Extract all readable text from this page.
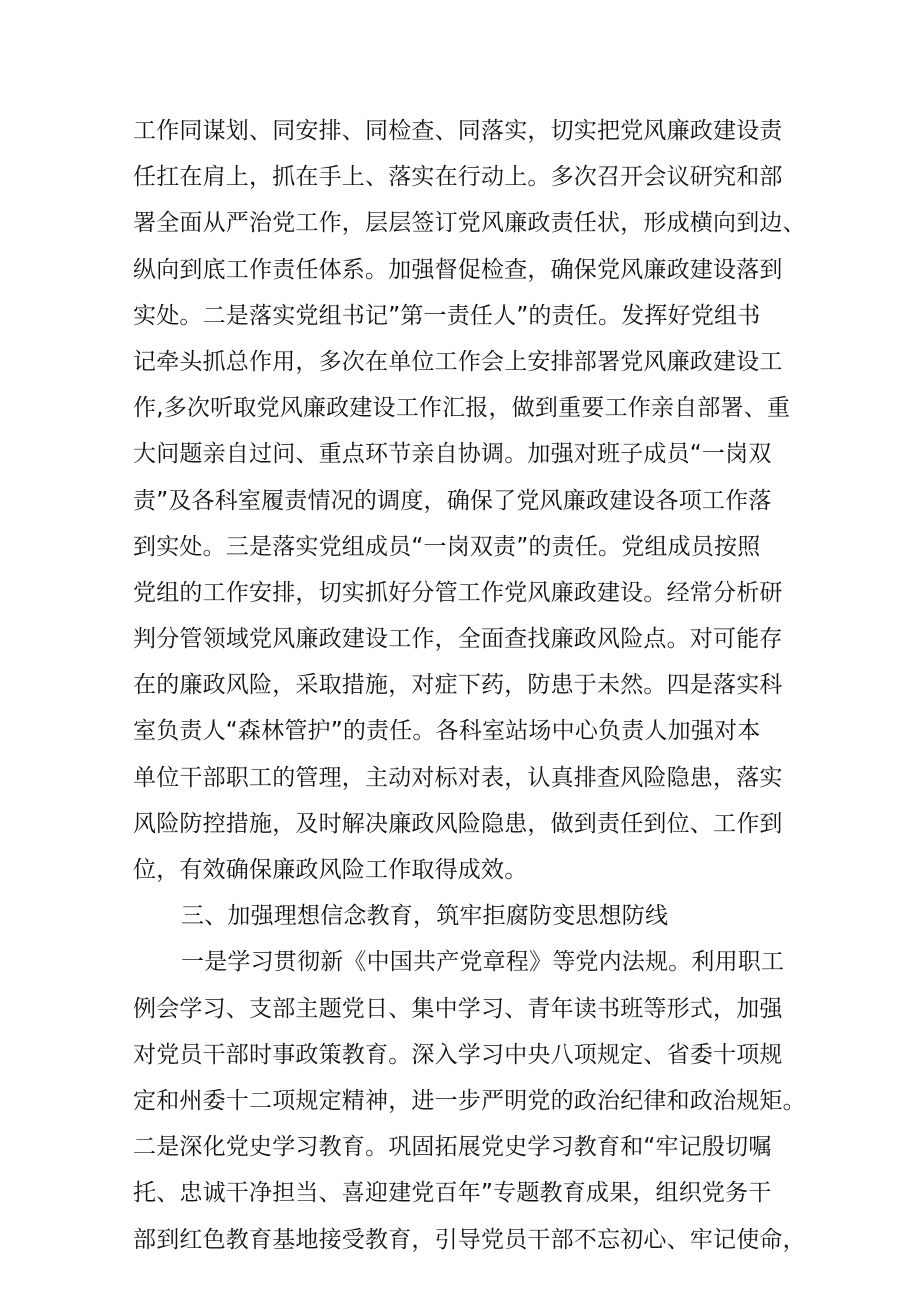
工作同谋划、同安排、同检查、同落实，切实把党风廉政建设责
任扛在肩上，抓在手上、落实在行动上。多次召开会议研究和部
署全面从严治党工作，层层签订党风廉政责任状，形成横向到边、
纵向到底工作责任体系。加强督促检查，确保党风廉政建设落到
实处。二是落实党组书记”第一责任人”的责任。发挥好党组书
记牵头抓总作用，多次在单位工作会上安排部署党风廉政建设工
作,多次听取党风廉政建设工作汇报，做到重要工作亲自部署、重
大问题亲自过问、重点环节亲自协调。加强对班子成员“一岗双
责”及各科室履责情况的调度，确保了党风廉政建设各项工作落
到实处。三是落实党组成员“一岗双责”的责任。党组成员按照
党组的工作安排，切实抓好分管工作党风廉政建设。经常分析研
判分管领域党风廉政建设工作，全面查找廉政风险点。对可能存
在的廉政风险，采取措施，对症下药，防患于未然。四是落实科
室负责人“森林管护”的责任。各科室站场中心负责人加强对本
单位干部职工的管理，主动对标对表，认真排查风险隐患，落实
风险防控措施，及时解决廉政风险隐患，做到责任到位、工作到
位，有效确保廉政风险工作取得成效。
三、加强理想信念教育，筑牢拒腐防变思想防线
一是学习贯彻新《中国共产党章程》等党内法规。利用职工
例会学习、支部主题党日、集中学习、青年读书班等形式，加强
对党员干部时事政策教育。深入学习中央八项规定、省委十项规
定和州委十二项规定精神，进一步严明党的政治纪律和政治规矩。
二是深化党史学习教育。巩固拓展党史学习教育和“牢记殷切嘱
托、忠诚干净担当、喜迎建党百年”专题教育成果，组织党务干
部到红色教育基地接受教育，引导党员干部不忘初心、牢记使命，
